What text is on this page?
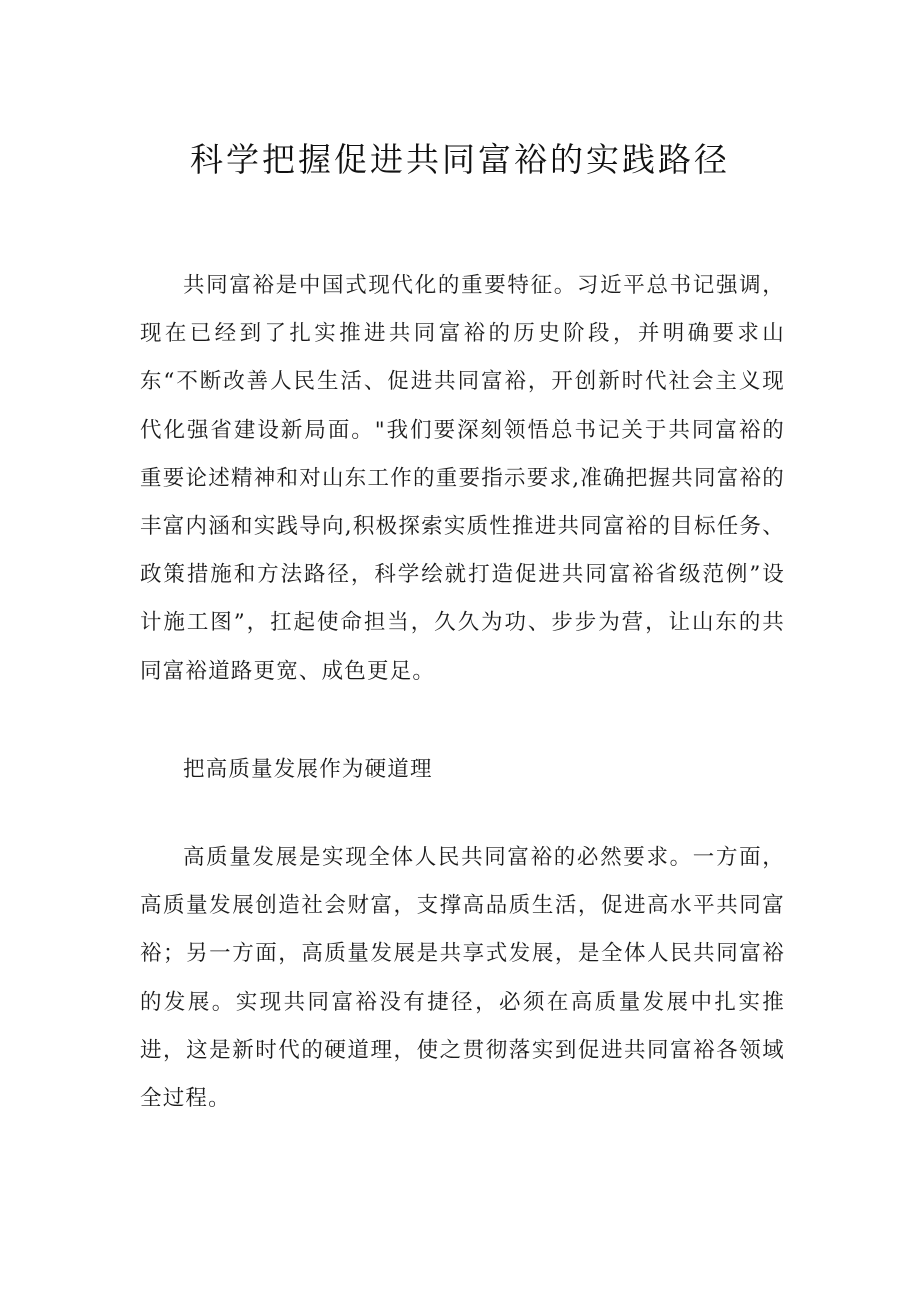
科学把握促进共同富裕的实践路径

共同富裕是中国式现代化的重要特征。习近平总书记强调，现在已经到了扎实推进共同富裕的历史阶段，并明确要求山东“不断改善人民生活、促进共同富裕，开创新时代社会主义现代化强省建设新局面。"我们要深刻领悟总书记关于共同富裕的重要论述精神和对山东工作的重要指示要求,准确把握共同富裕的丰富内涵和实践导向,积极探索实质性推进共同富裕的目标任务、政策措施和方法路径，科学绘就打造促进共同富裕省级范例”设计施工图”，扛起使命担当，久久为功、步步为营，让山东的共同富裕道路更宽、成色更足。

把高质量发展作为硬道理

高质量发展是实现全体人民共同富裕的必然要求。一方面，高质量发展创造社会财富，支撑高品质生活，促进高水平共同富裕；另一方面，高质量发展是共享式发展，是全体人民共同富裕的发展。实现共同富裕没有捷径，必须在高质量发展中扎实推进，这是新时代的硬道理，使之贯彻落实到促进共同富裕各领域全过程。
